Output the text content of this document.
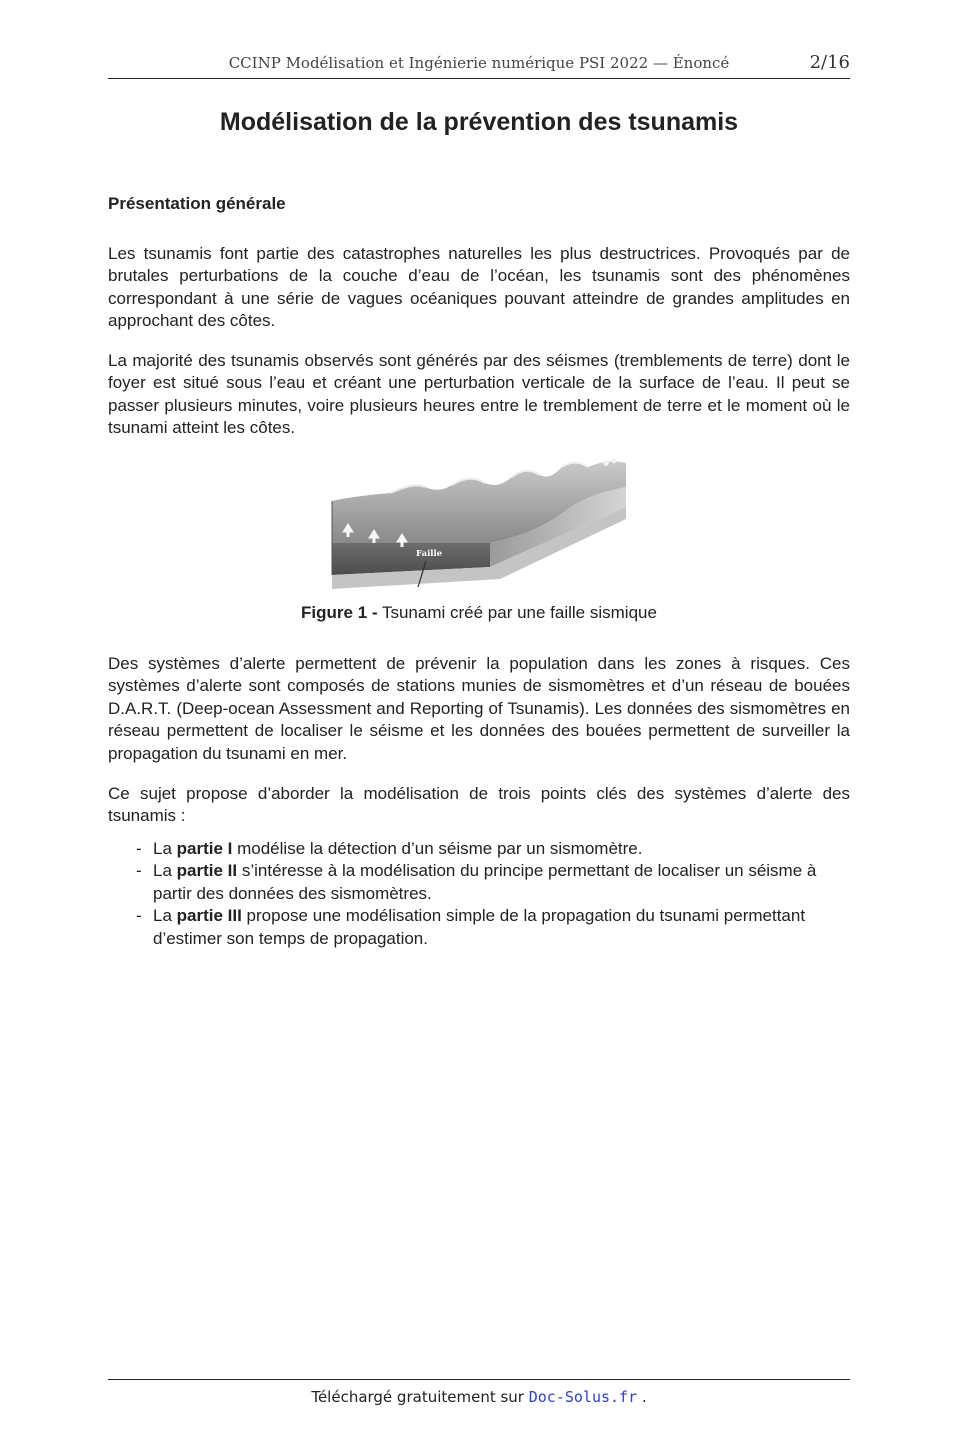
CCINP Modélisation et Ingénierie numérique PSI 2022 — Énoncé	2/16
Modélisation de la prévention des tsunamis
Présentation générale

Les tsunamis font partie des catastrophes naturelles les plus destructrices. Provoqués par de brutales perturbations de la couche d’eau de l’océan, les tsunamis sont des phénomènes correspondant à une série de vagues océaniques pouvant atteindre de grandes amplitudes en approchant des côtes.

La majorité des tsunamis observés sont générés par des séismes (tremblements de terre) dont le foyer est situé sous l’eau et créant une perturbation verticale de la surface de l’eau. Il peut se passer plusieurs minutes, voire plusieurs heures entre le tremblement de terre et le moment où le tsunami atteint les côtes.

Faille

Figure 1 - Tsunami créé par une faille sismique

Des systèmes d’alerte permettent de prévenir la population dans les zones à risques. Ces systèmes d’alerte sont composés de stations munies de sismomètres et d’un réseau de bouées D.A.R.T. (Deep-ocean Assessment and Reporting of Tsunamis). Les données des sismomètres en réseau permettent de localiser le séisme et les données des bouées permettent de surveiller la propagation du tsunami en mer.

Ce sujet propose d’aborder la modélisation de trois points clés des systèmes d’alerte des tsunamis :

- La partie I modélise la détection d’un séisme par un sismomètre.
- La partie II s’intéresse à la modélisation du principe permettant de localiser un séisme à partir des données des sismomètres.
- La partie III propose une modélisation simple de la propagation du tsunami permettant d’estimer son temps de propagation.
Téléchargé gratuitement sur Doc-Solus.fr .
